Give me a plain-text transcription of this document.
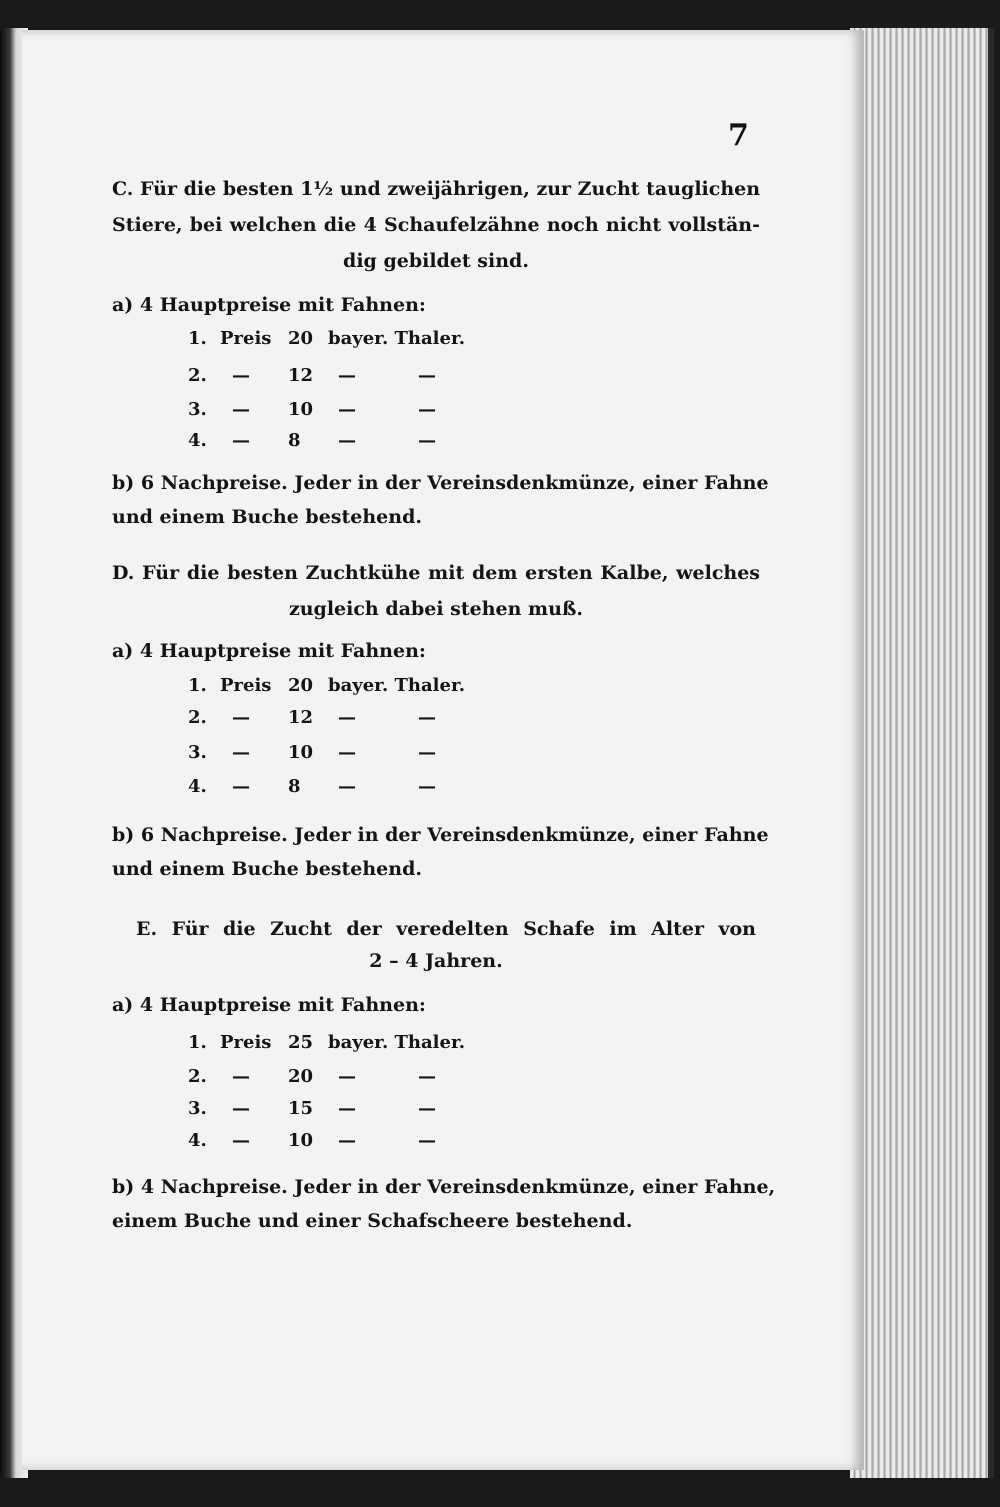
7
C. Für die besten 1½ und zweijährigen, zur Zucht tauglichen
Stiere, bei welchen die 4 Schaufelzähne noch nicht vollstän-
dig gebildet sind.
a) 4 Hauptpreise mit Fahnen:
1. Preis 20 bayer. Thaler.
2. — 12 —	—
3. — 10 —	—
4. — 8 —	—
b) 6 Nachpreise. Jeder in der Vereinsdenkmünze, einer Fahne
und einem Buche bestehend.
D. Für die besten Zuchtkühe mit dem ersten Kalbe, welches
zugleich dabei stehen muß.
a) 4 Hauptpreise mit Fahnen:
1. Preis 20 bayer. Thaler.
2. — 12 —	—
3. — 10 —	—
4. — 8 —	—
b) 6 Nachpreise. Jeder in der Vereinsdenkmünze, einer Fahne
und einem Buche bestehend.
E. Für die Zucht der veredelten Schafe im Alter von
2 – 4 Jahren.
a) 4 Hauptpreise mit Fahnen:
1. Preis 25 bayer. Thaler.
2. — 20 —	—
3. — 15 —	—
4. — 10 —	—
b) 4 Nachpreise. Jeder in der Vereinsdenkmünze, einer Fahne,
einem Buche und einer Schafscheere bestehend.
